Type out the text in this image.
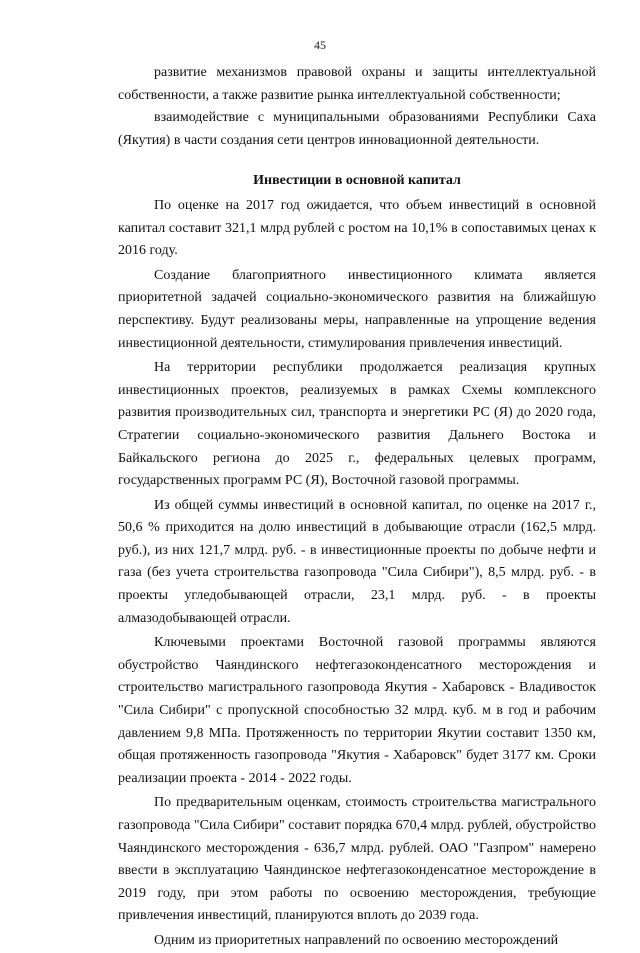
45

развитие механизмов правовой охраны и защиты интеллектуальной собственности, а также развитие рынка интеллектуальной собственности;

взаимодействие с муниципальными образованиями Республики Саха (Якутия) в части создания сети центров инновационной деятельности.

Инвестиции в основной капитал

По оценке на 2017 год ожидается, что объем инвестиций в основной капитал составит 321,1 млрд рублей с ростом на 10,1% в сопоставимых ценах к 2016 году.

Создание благоприятного инвестиционного климата является приоритетной задачей социально-экономического развития на ближайшую перспективу. Будут реализованы меры, направленные на упрощение ведения инвестиционной деятельности, стимулирования привлечения инвестиций.

На территории республики продолжается реализация крупных инвестиционных проектов, реализуемых в рамках Схемы комплексного развития производительных сил, транспорта и энергетики РС (Я) до 2020 года, Стратегии социально-экономического развития Дальнего Востока и Байкальского региона до 2025 г., федеральных целевых программ, государственных программ РС (Я), Восточной газовой программы.

Из общей суммы инвестиций в основной капитал, по оценке на 2017 г., 50,6 % приходится на долю инвестиций в добывающие отрасли (162,5 млрд. руб.), из них 121,7 млрд. руб. - в инвестиционные проекты по добыче нефти и газа (без учета строительства газопровода "Сила Сибири"), 8,5 млрд. руб. - в проекты угледобывающей отрасли, 23,1 млрд. руб. - в проекты алмазодобывающей отрасли.

Ключевыми проектами Восточной газовой программы являются обустройство Чаяндинского нефтегазоконденсатного месторождения и строительство магистрального газопровода Якутия - Хабаровск - Владивосток "Сила Сибири" с пропускной способностью 32 млрд. куб. м в год и рабочим давлением 9,8 МПа. Протяженность по территории Якутии составит 1350 км, общая протяженность газопровода "Якутия - Хабаровск" будет 3177 км. Сроки реализации проекта - 2014 - 2022 годы.

По предварительным оценкам, стоимость строительства магистрального газопровода "Сила Сибири" составит порядка 670,4 млрд. рублей, обустройство Чаяндинского месторождения - 636,7 млрд. рублей. ОАО "Газпром" намерено ввести в эксплуатацию Чаяндинское нефтегазоконденсатное месторождение в 2019 году, при этом работы по освоению месторождения, требующие привлечения инвестиций, планируются вплоть до 2039 года.

Одним из приоритетных направлений по освоению месторождений
